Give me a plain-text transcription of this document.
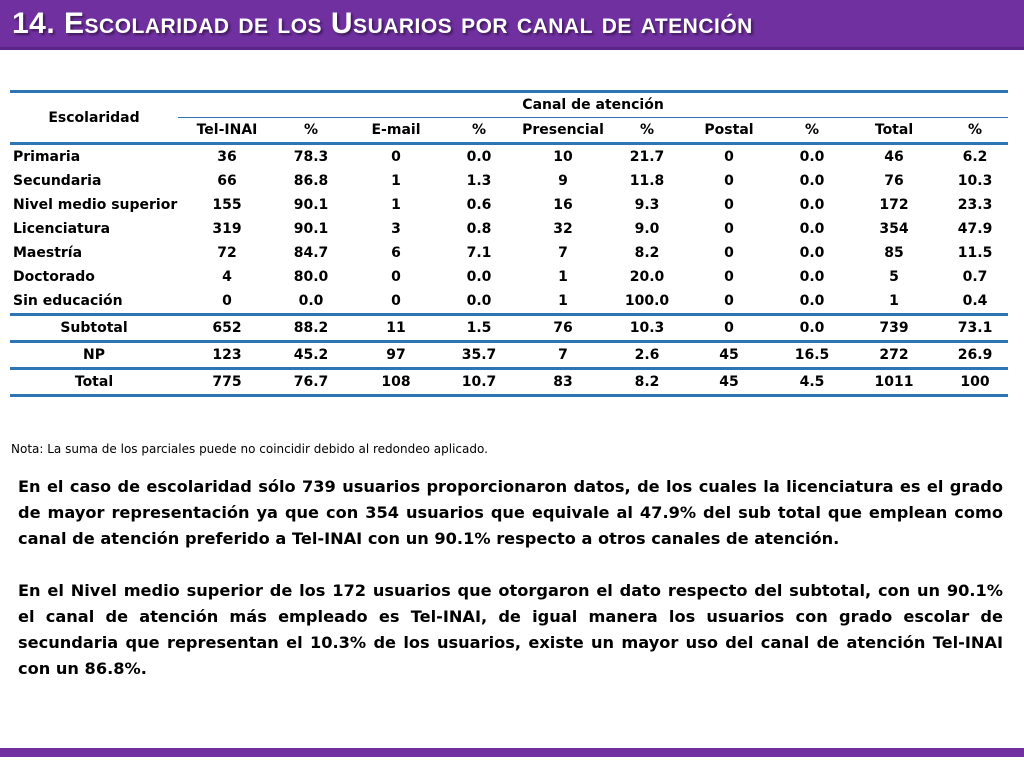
14. Escolaridad de los Usuarios por canal de atención
Escolaridad	Canal de atención									
	Tel-INAI	%	E-mail	%	Presencial	%	Postal	%	Total	%
Primaria	36	78.3	0	0.0	10	21.7	0	0.0	46	6.2
Secundaria	66	86.8	1	1.3	9	11.8	0	0.0	76	10.3
Nivel medio superior	155	90.1	1	0.6	16	9.3	0	0.0	172	23.3
Licenciatura	319	90.1	3	0.8	32	9.0	0	0.0	354	47.9
Maestría	72	84.7	6	7.1	7	8.2	0	0.0	85	11.5
Doctorado	4	80.0	0	0.0	1	20.0	0	0.0	5	0.7
Sin educación	0	0.0	0	0.0	1	100.0	0	0.0	1	0.4
Subtotal	652	88.2	11	1.5	76	10.3	0	0.0	739	73.1
NP	123	45.2	97	35.7	7	2.6	45	16.5	272	26.9
Total	775	76.7	108	10.7	83	8.2	45	4.5	1011	100
Nota: La suma de los parciales puede no coincidir debido al redondeo aplicado.

En el caso de escolaridad sólo 739 usuarios proporcionaron datos, de los cuales la licenciatura es el grado de mayor representación ya que con 354 usuarios que equivale al 47.9% del sub total que emplean como canal de atención preferido a Tel-INAI con un 90.1% respecto a otros canales de atención.

En el Nivel medio superior de los 172 usuarios que otorgaron el dato respecto del subtotal, con un 90.1% el canal de atención más empleado es Tel-INAI, de igual manera los usuarios con grado escolar de secundaria que representan el 10.3% de los usuarios, existe un mayor uso del canal de atención Tel-INAI con un 86.8%.
